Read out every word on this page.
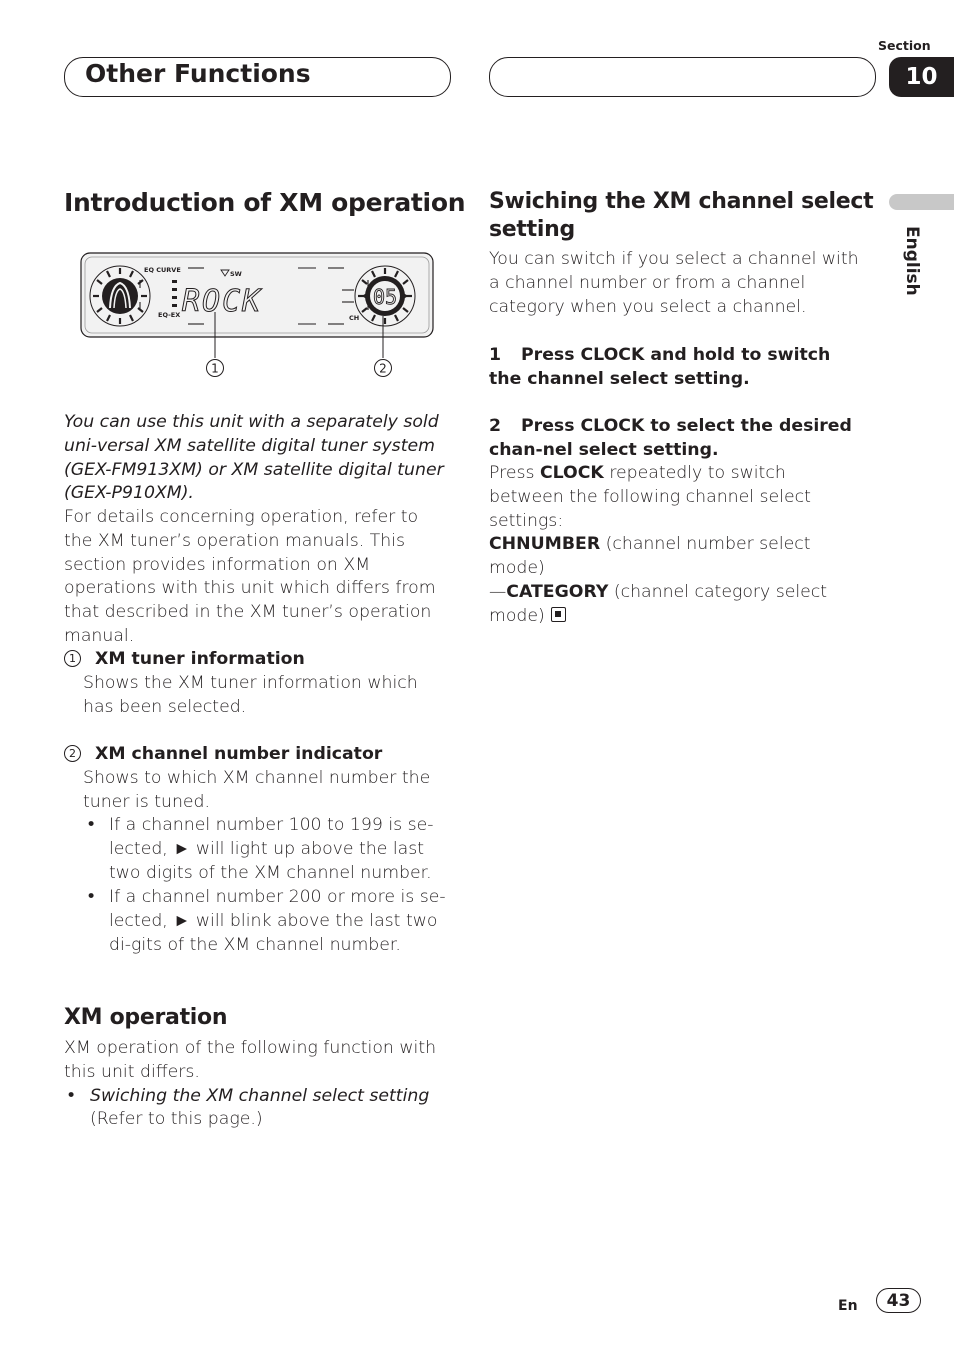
Other Functions
Section
10
English
Introduction of XM operation
EQ CURVE
EQ-EX
SW
CH
ROCK	05
1	2

You can use this unit with a separately sold uni-versal XM satellite digital tuner system (GEX-FM913XM) or XM satellite digital tuner (GEX-P910XM).

For details concerning operation, refer to the XM tuner’s operation manuals. This section provides information on XM operations with this unit which differs from that described in the XM tuner’s operation manual.

1 XM tuner information

Shows the XM tuner information which has been selected.

2 XM channel number indicator

Shows to which XM channel number the tuner is tuned.

• If a channel number 100 to 199 is se-lected, ► will light up above the last two digits of the XM channel number.

• If a channel number 200 or more is se-lected, ► will blink above the last two di-gits of the XM channel number.

XM operation

XM operation of the following function with this unit differs.

• Swiching the XM channel select setting

(Refer to this page.)

Swiching the XM channel select setting

You can switch if you select a channel with a channel number or from a channel category when you select a channel.

1 Press CLOCK and hold to switch the channel select setting.
2 Press CLOCK to select the desired chan-nel select setting.

Press CLOCK repeatedly to switch between the following channel select settings:
CHNUMBER (channel number select mode)
—CATEGORY (channel category select mode)

En	43
